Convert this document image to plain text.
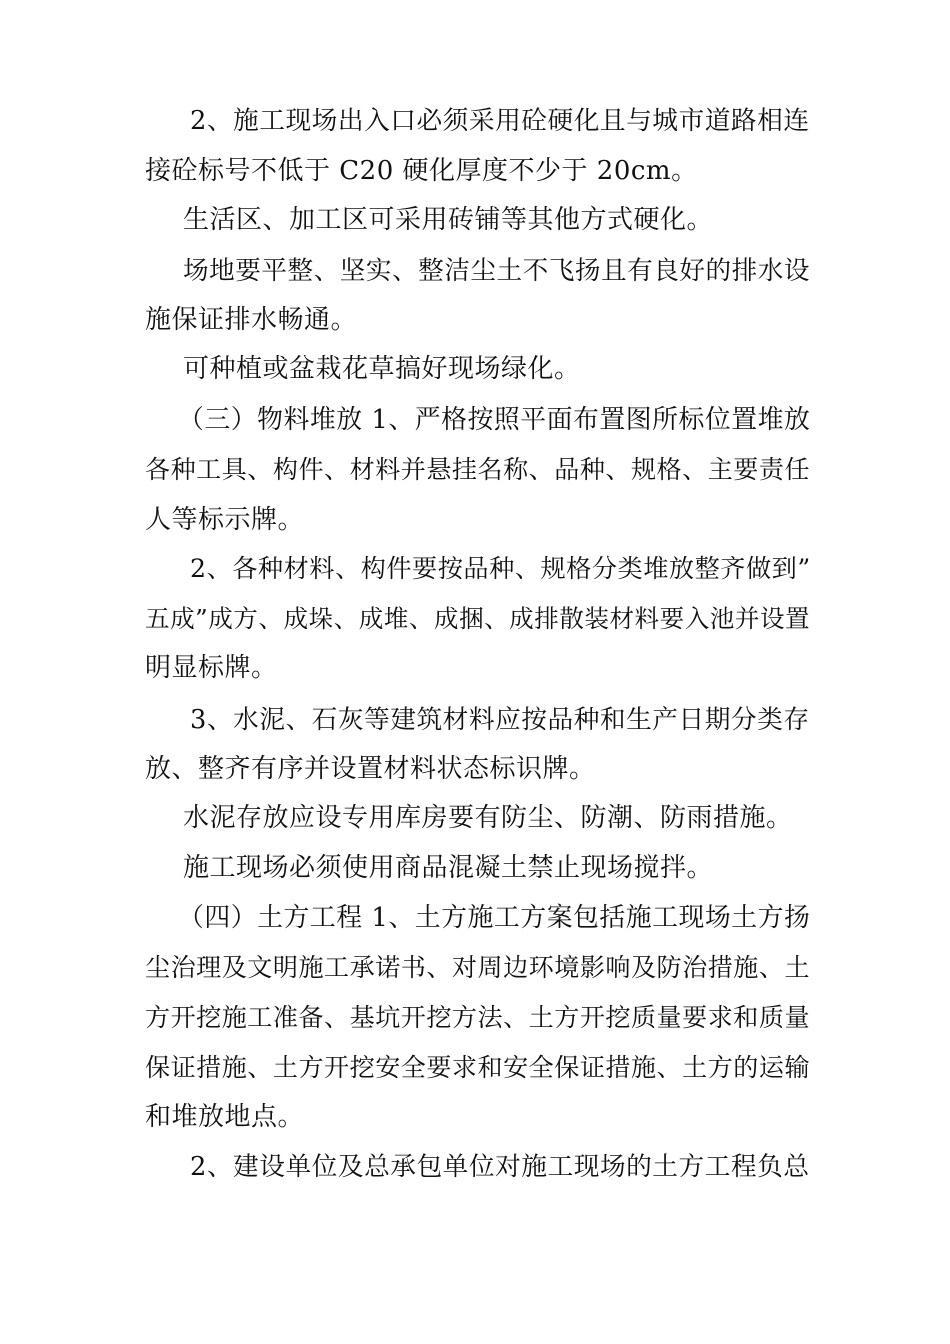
2、施工现场出入口必须采用砼硬化且与城市道路相连
接砼标号不低于 C20 硬化厚度不少于 20cm。
生活区、加工区可采用砖铺等其他方式硬化。
场地要平整、坚实、整洁尘土不飞扬且有良好的排水设
施保证排水畅通。
可种植或盆栽花草搞好现场绿化。
（三）物料堆放 1、严格按照平面布置图所标位置堆放
各种工具、构件、材料并悬挂名称、品种、规格、主要责任
人等标示牌。
2、各种材料、构件要按品种、规格分类堆放整齐做到”
五成”成方、成垛、成堆、成捆、成排散装材料要入池并设置
明显标牌。
3、水泥、石灰等建筑材料应按品种和生产日期分类存
放、整齐有序并设置材料状态标识牌。
水泥存放应设专用库房要有防尘、防潮、防雨措施。
施工现场必须使用商品混凝土禁止现场搅拌。
（四）土方工程 1、土方施工方案包括施工现场土方扬
尘治理及文明施工承诺书、对周边环境影响及防治措施、土
方开挖施工准备、基坑开挖方法、土方开挖质量要求和质量
保证措施、土方开挖安全要求和安全保证措施、土方的运输
和堆放地点。
2、建设单位及总承包单位对施工现场的土方工程负总
